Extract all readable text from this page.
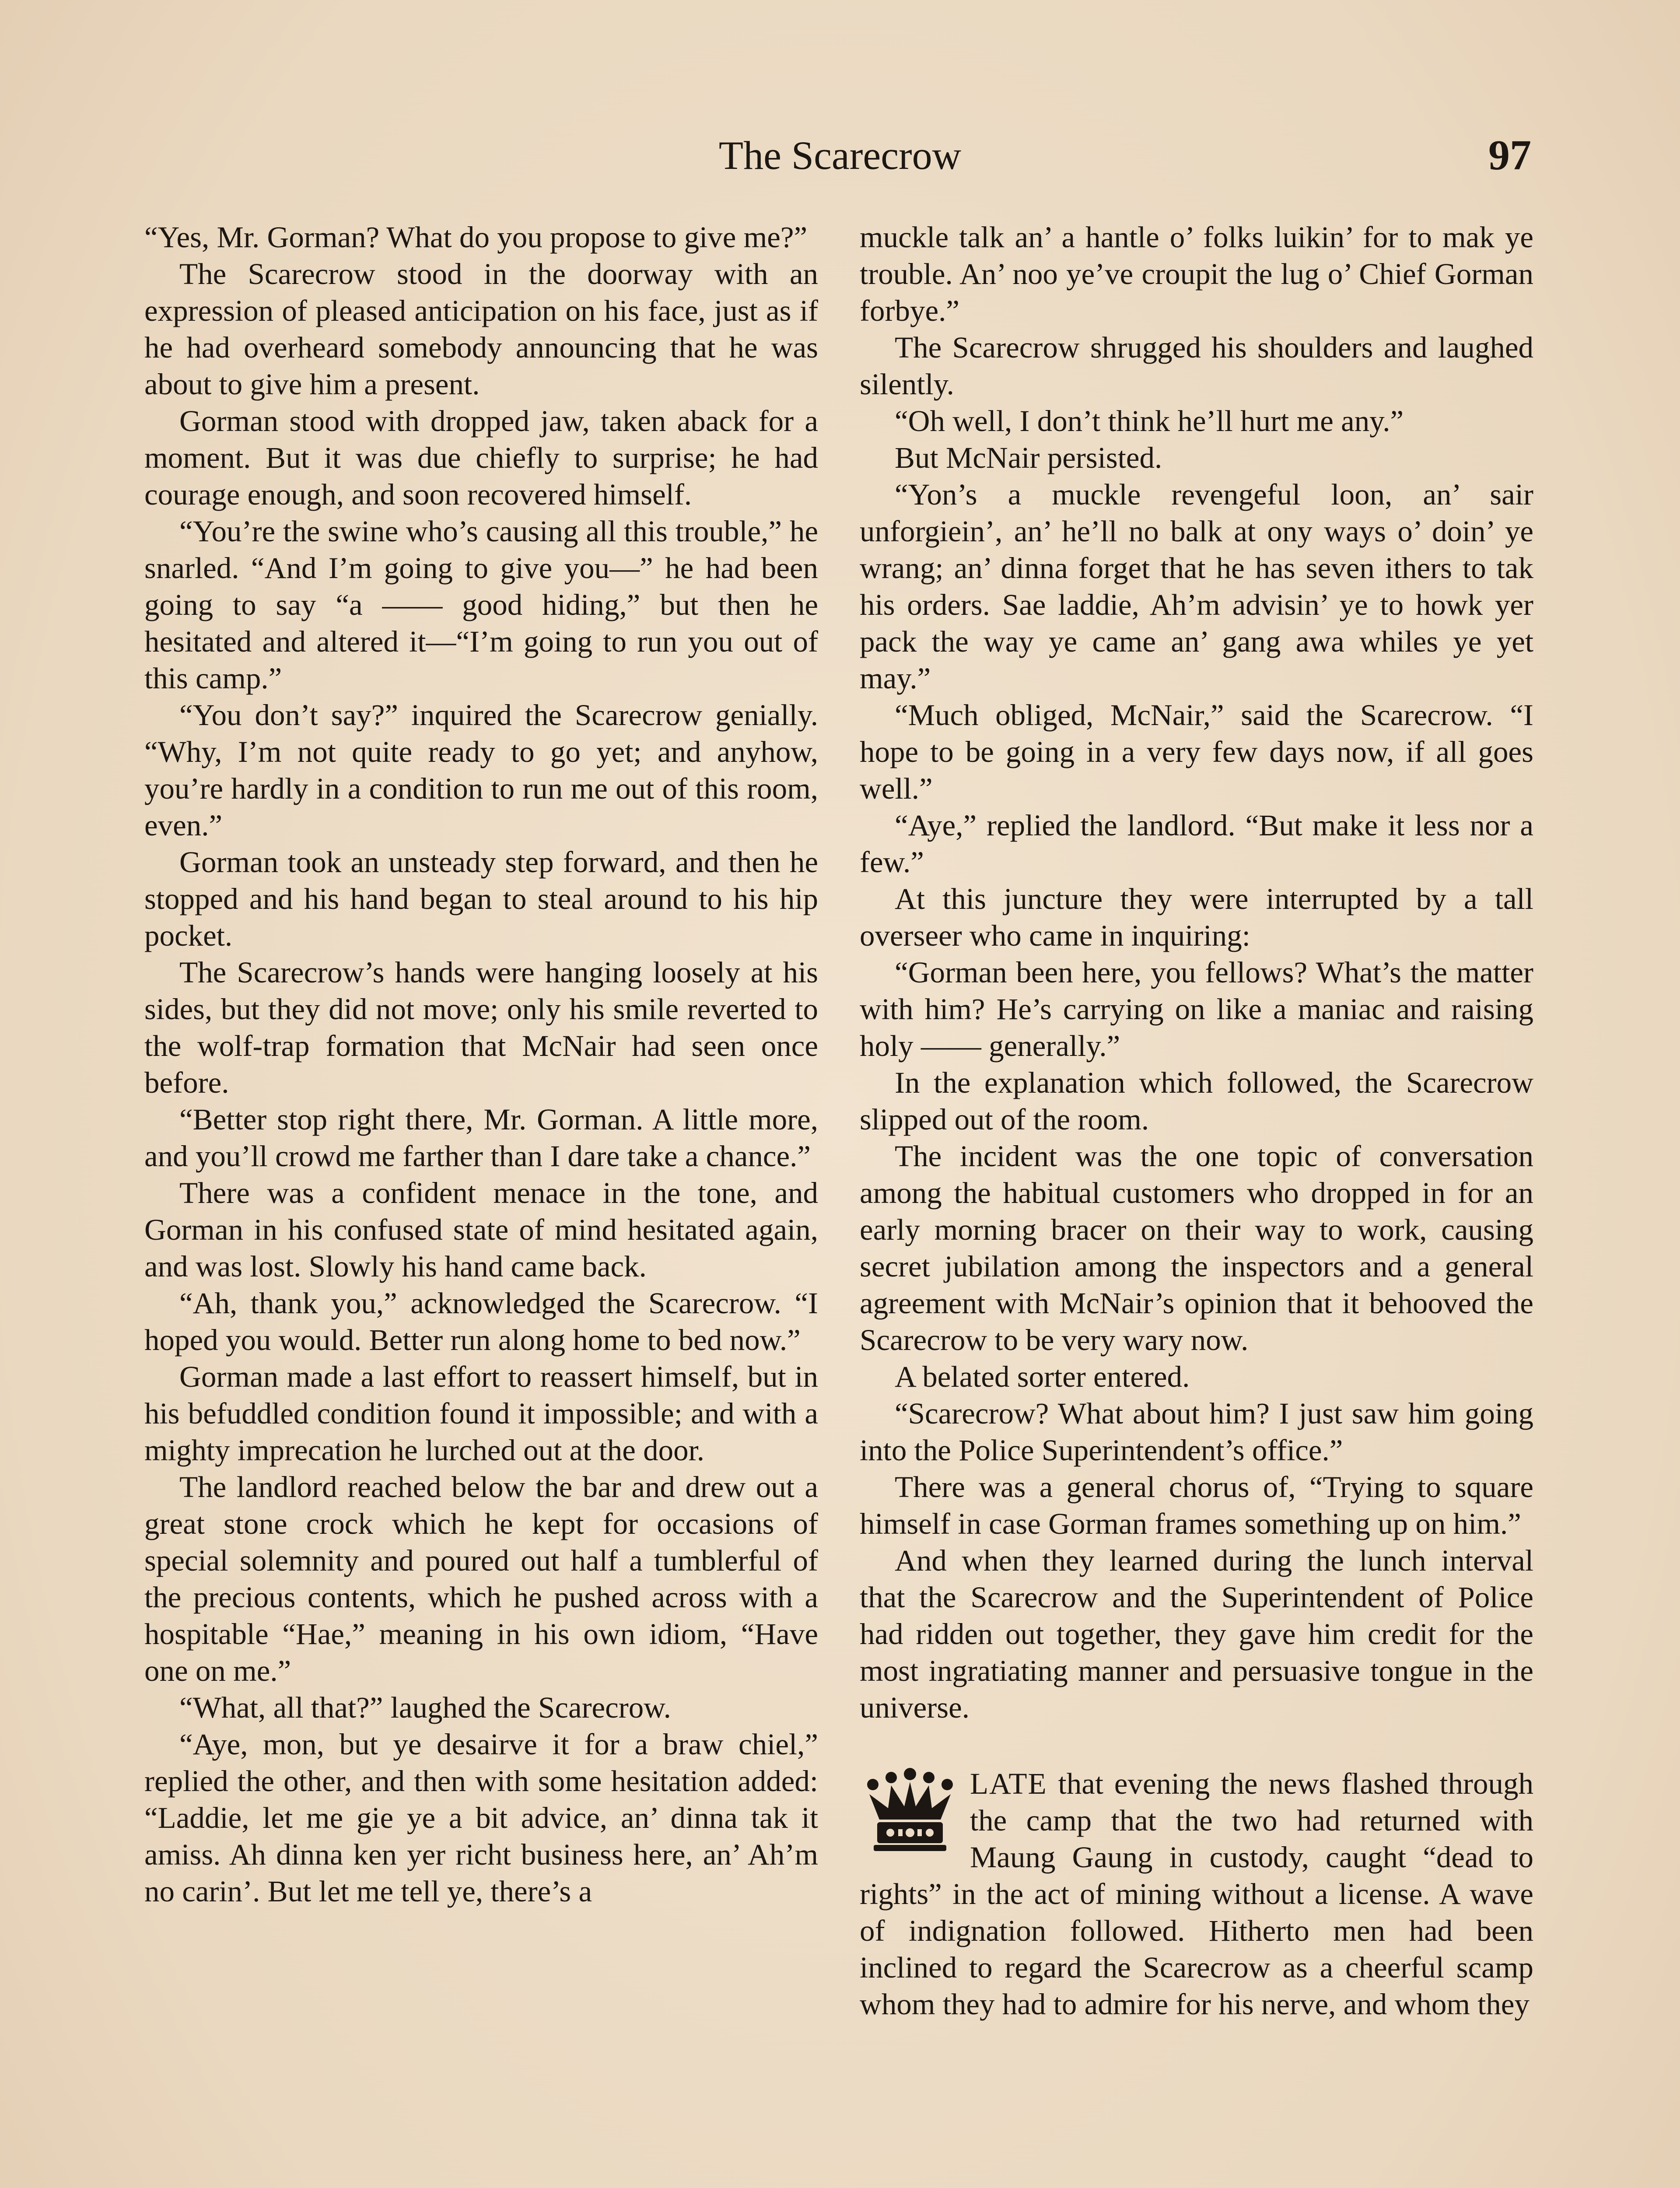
The Scarecrow	97

“Yes, Mr. Gorman? What do you propose to give me?”

The Scarecrow stood in the doorway with an expression of pleased anticipation on his face, just as if he had overheard somebody announcing that he was about to give him a present.

Gorman stood with dropped jaw, taken aback for a moment. But it was due chiefly to surprise; he had courage enough, and soon recovered himself.

“You’re the swine who’s causing all this trouble,” he snarled. “And I’m going to give you—” he had been going to say “a —— good hiding,” but then he hesitated and altered it—“I’m going to run you out of this camp.”

“You don’t say?” inquired the Scarecrow genially. “Why, I’m not quite ready to go yet; and anyhow, you’re hardly in a condition to run me out of this room, even.”

Gorman took an unsteady step forward, and then he stopped and his hand began to steal around to his hip pocket.

The Scarecrow’s hands were hanging loosely at his sides, but they did not move; only his smile reverted to the wolf-trap formation that McNair had seen once before.

“Better stop right there, Mr. Gorman. A little more, and you’ll crowd me farther than I dare take a chance.”

There was a confident menace in the tone, and Gorman in his confused state of mind hesitated again, and was lost. Slowly his hand came back.

“Ah, thank you,” acknowledged the Scarecrow. “I hoped you would. Better run along home to bed now.”

Gorman made a last effort to reassert himself, but in his befuddled condition found it impossible; and with a mighty imprecation he lurched out at the door.

The landlord reached below the bar and drew out a great stone crock which he kept for occasions of special solemnity and poured out half a tumblerful of the precious contents, which he pushed across with a hospitable “Hae,” meaning in his own idiom, “Have one on me.”

“What, all that?” laughed the Scarecrow.

“Aye, mon, but ye desairve it for a braw chiel,” replied the other, and then with some hesitation added: “Laddie, let me gie ye a bit advice, an’ dinna tak it amiss. Ah dinna ken yer richt business here, an’ Ah’m no carin’. But let me tell ye, there’s a

muckle talk an’ a hantle o’ folks luikin’ for to mak ye trouble. An’ noo ye’ve croupit the lug o’ Chief Gorman forbye.”

The Scarecrow shrugged his shoulders and laughed silently.

“Oh well, I don’t think he’ll hurt me any.”

But McNair persisted.

“Yon’s a muckle revengeful loon, an’ sair unforgiein’, an’ he’ll no balk at ony ways o’ doin’ ye wrang; an’ dinna forget that he has seven ithers to tak his orders. Sae laddie, Ah’m advisin’ ye to howk yer pack the way ye came an’ gang awa whiles ye yet may.”

“Much obliged, McNair,” said the Scarecrow. “I hope to be going in a very few days now, if all goes well.”

“Aye,” replied the landlord. “But make it less nor a few.”

At this juncture they were interrupted by a tall overseer who came in inquiring:

“Gorman been here, you fellows? What’s the matter with him? He’s carrying on like a maniac and raising holy —— generally.”

In the explanation which followed, the Scarecrow slipped out of the room.

The incident was the one topic of conversation among the habitual customers who dropped in for an early morning bracer on their way to work, causing secret jubilation among the inspectors and a general agreement with McNair’s opinion that it behooved the Scarecrow to be very wary now.

A belated sorter entered.

“Scarecrow? What about him? I just saw him going into the Police Superintendent’s office.”

There was a general chorus of, “Trying to square himself in case Gorman frames something up on him.”

And when they learned during the lunch interval that the Scarecrow and the Superintendent of Police had ridden out together, they gave him credit for the most ingratiating manner and persuasive tongue in the universe.

LATE that evening the news flashed through the camp that the two had returned with Maung Gaung in custody, caught “dead to rights” in the act of mining without a license. A wave of indignation followed. Hitherto men had been inclined to regard the Scarecrow as a cheerful scamp whom they had to admire for his nerve, and whom they
